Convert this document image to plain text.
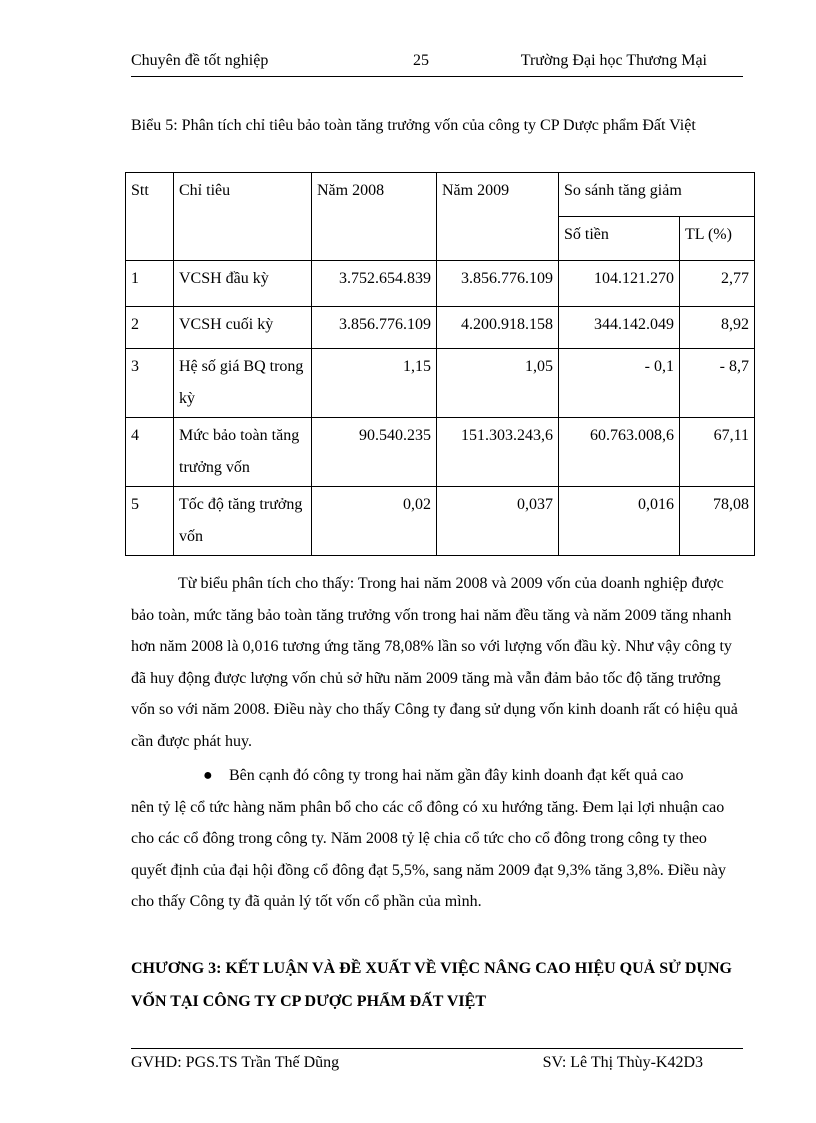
Chuyên đề tốt nghiệp	25	Trường Đại học Thương Mại
Biểu 5: Phân tích chỉ tiêu bảo toàn tăng trưởng vốn của công ty CP Dược phẩm Đất Việt
Stt	Chỉ tiêu	Năm 2008	Năm 2009	So sánh tăng giảm	
				Số tiền	TL (%)
1	VCSH đầu kỳ	3.752.654.839	3.856.776.109	104.121.270	2,77
2	VCSH cuối kỳ	3.856.776.109	4.200.918.158	344.142.049	8,92
3	Hệ số giá BQ trong kỳ	1,15	1,05	- 0,1	- 8,7
4	Mức bảo toàn tăng trưởng vốn	90.540.235	151.303.243,6	60.763.008,6	67,11
5	Tốc độ tăng trưởng vốn	0,02	0,037	0,016	78,08

Từ biểu phân tích cho thấy: Trong hai năm 2008 và 2009 vốn của doanh nghiệp được bảo toàn, mức tăng bảo toàn tăng trưởng vốn trong hai năm đều tăng và năm 2009 tăng nhanh hơn năm 2008 là 0,016 tương ứng tăng 78,08% lần so với lượng vốn đầu kỳ. Như vậy công ty đã huy động được lượng vốn chủ sở hữu năm 2009 tăng mà vẫn đảm bảo tốc độ tăng trưởng vốn so với năm 2008. Điều này cho thấy Công ty đang sử dụng vốn kinh doanh rất có hiệu quả cần được phát huy.

● Bên cạnh đó công ty trong hai năm gần đây kinh doanh đạt kết quả cao
nên tỷ lệ cổ tức hàng năm phân bổ cho các cổ đông có xu hướng tăng. Đem lại lợi nhuận cao cho các cổ đông trong công ty. Năm 2008 tỷ lệ chia cổ tức cho cổ đông trong công ty theo quyết định của đại hội đồng cổ đông đạt 5,5%, sang năm 2009 đạt 9,3% tăng 3,8%. Điều này cho thấy Công ty đã quản lý tốt vốn cổ phần của mình.
CHƯƠNG 3: KẾT LUẬN VÀ ĐỀ XUẤT VỀ VIỆC NÂNG CAO HIỆU QUẢ SỬ DỤNG VỐN TẠI CÔNG TY CP DƯỢC PHẨM ĐẤT VIỆT
GVHD: PGS.TS Trần Thế Dũng	SV: Lê Thị Thùy-K42D3
